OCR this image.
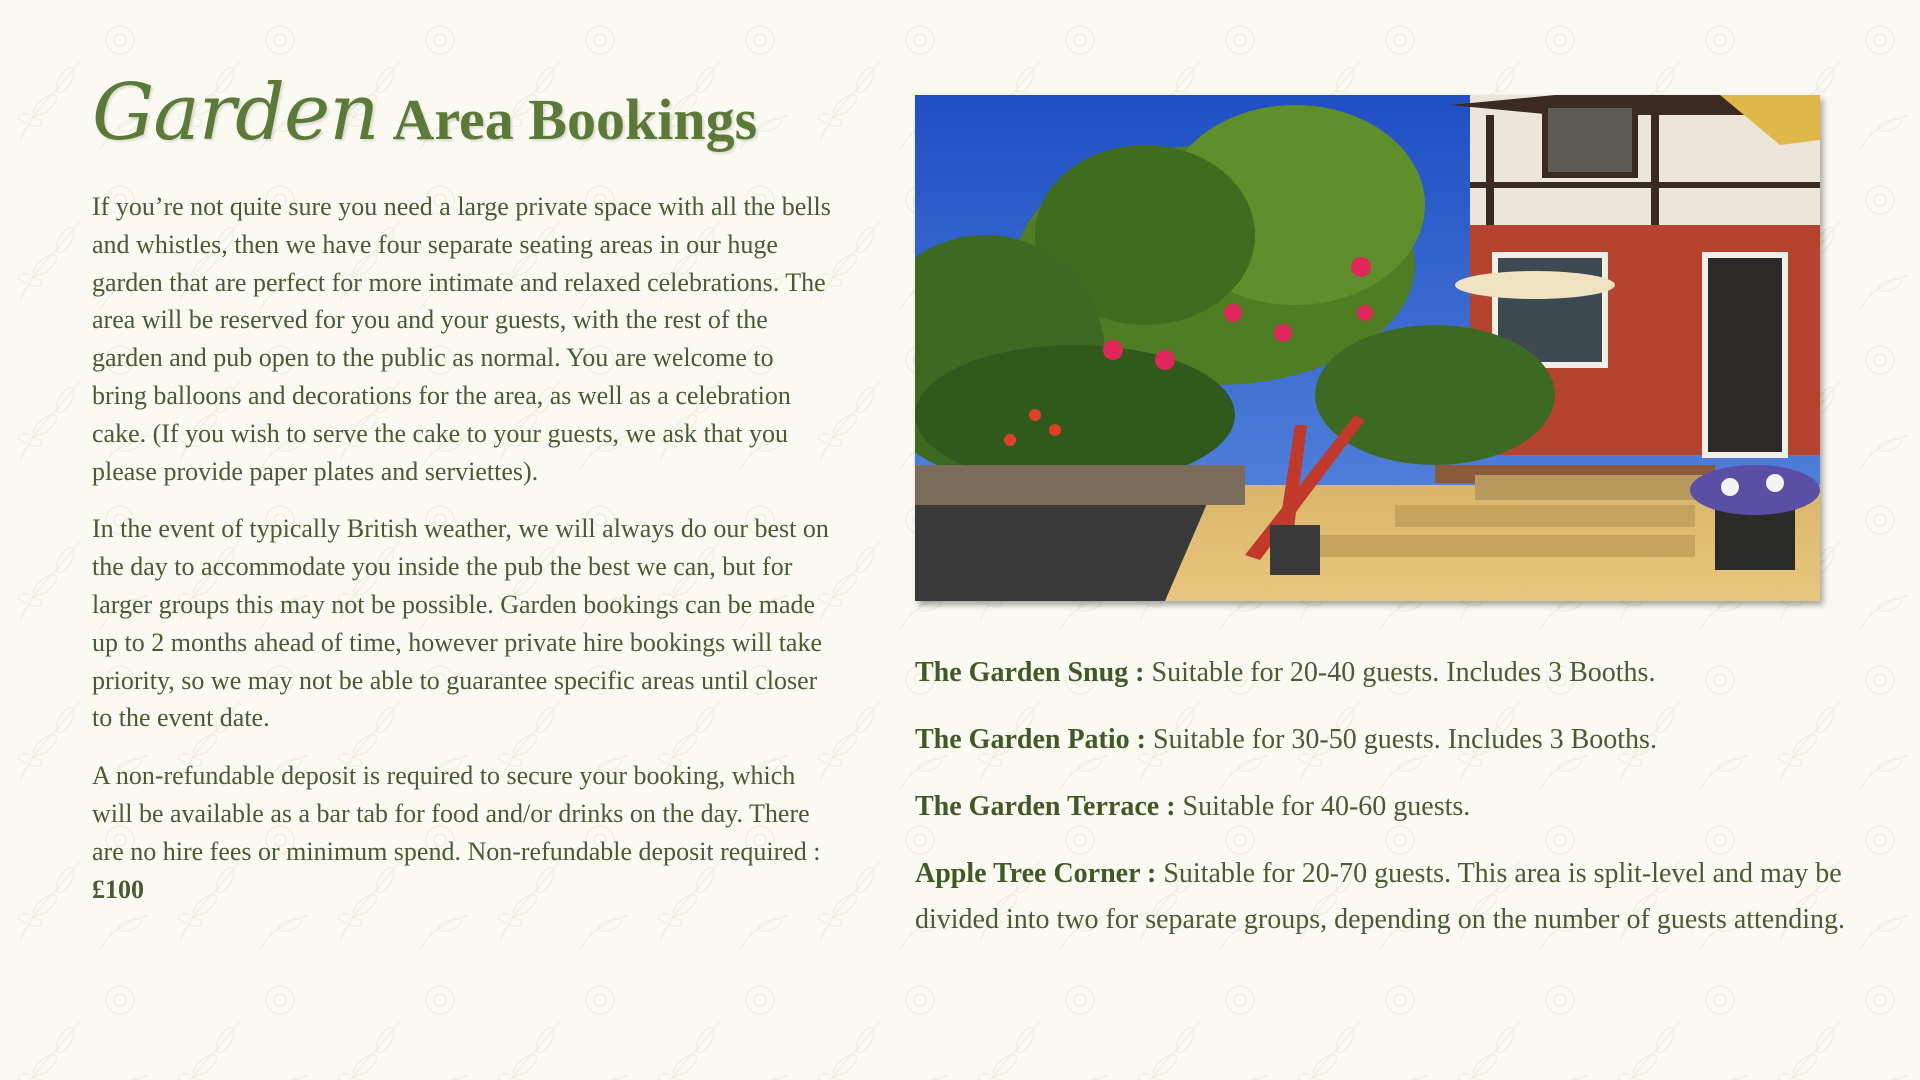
Garden Area Bookings

If you’re not quite sure you need a large private space with all the bells and whistles, then we have four separate seating areas in our huge garden that are perfect for more intimate and relaxed celebrations. The area will be reserved for you and your guests, with the rest of the garden and pub open to the public as normal. You are welcome to bring balloons and decorations for the area, as well as a celebration cake. (If you wish to serve the cake to your guests, we ask that you please provide paper plates and serviettes).

In the event of typically British weather, we will always do our best on the day to accommodate you inside the pub the best we can, but for larger groups this may not be possible. Garden bookings can be made up to 2 months ahead of time, however private hire bookings will take priority, so we may not be able to guarantee specific areas until closer to the event date.

A non-refundable deposit is required to secure your booking, which will be available as a bar tab for food and/or drinks on the day. There are no hire fees or minimum spend. Non-refundable deposit required : £100

The Garden Snug : Suitable for 20-40 guests. Includes 3 Booths.

The Garden Patio : Suitable for 30-50 guests. Includes 3 Booths.

The Garden Terrace : Suitable for 40-60 guests.

Apple Tree Corner : Suitable for 20-70 guests. This area is split-level and may be divided into two for separate groups, depending on the number of guests attending.
